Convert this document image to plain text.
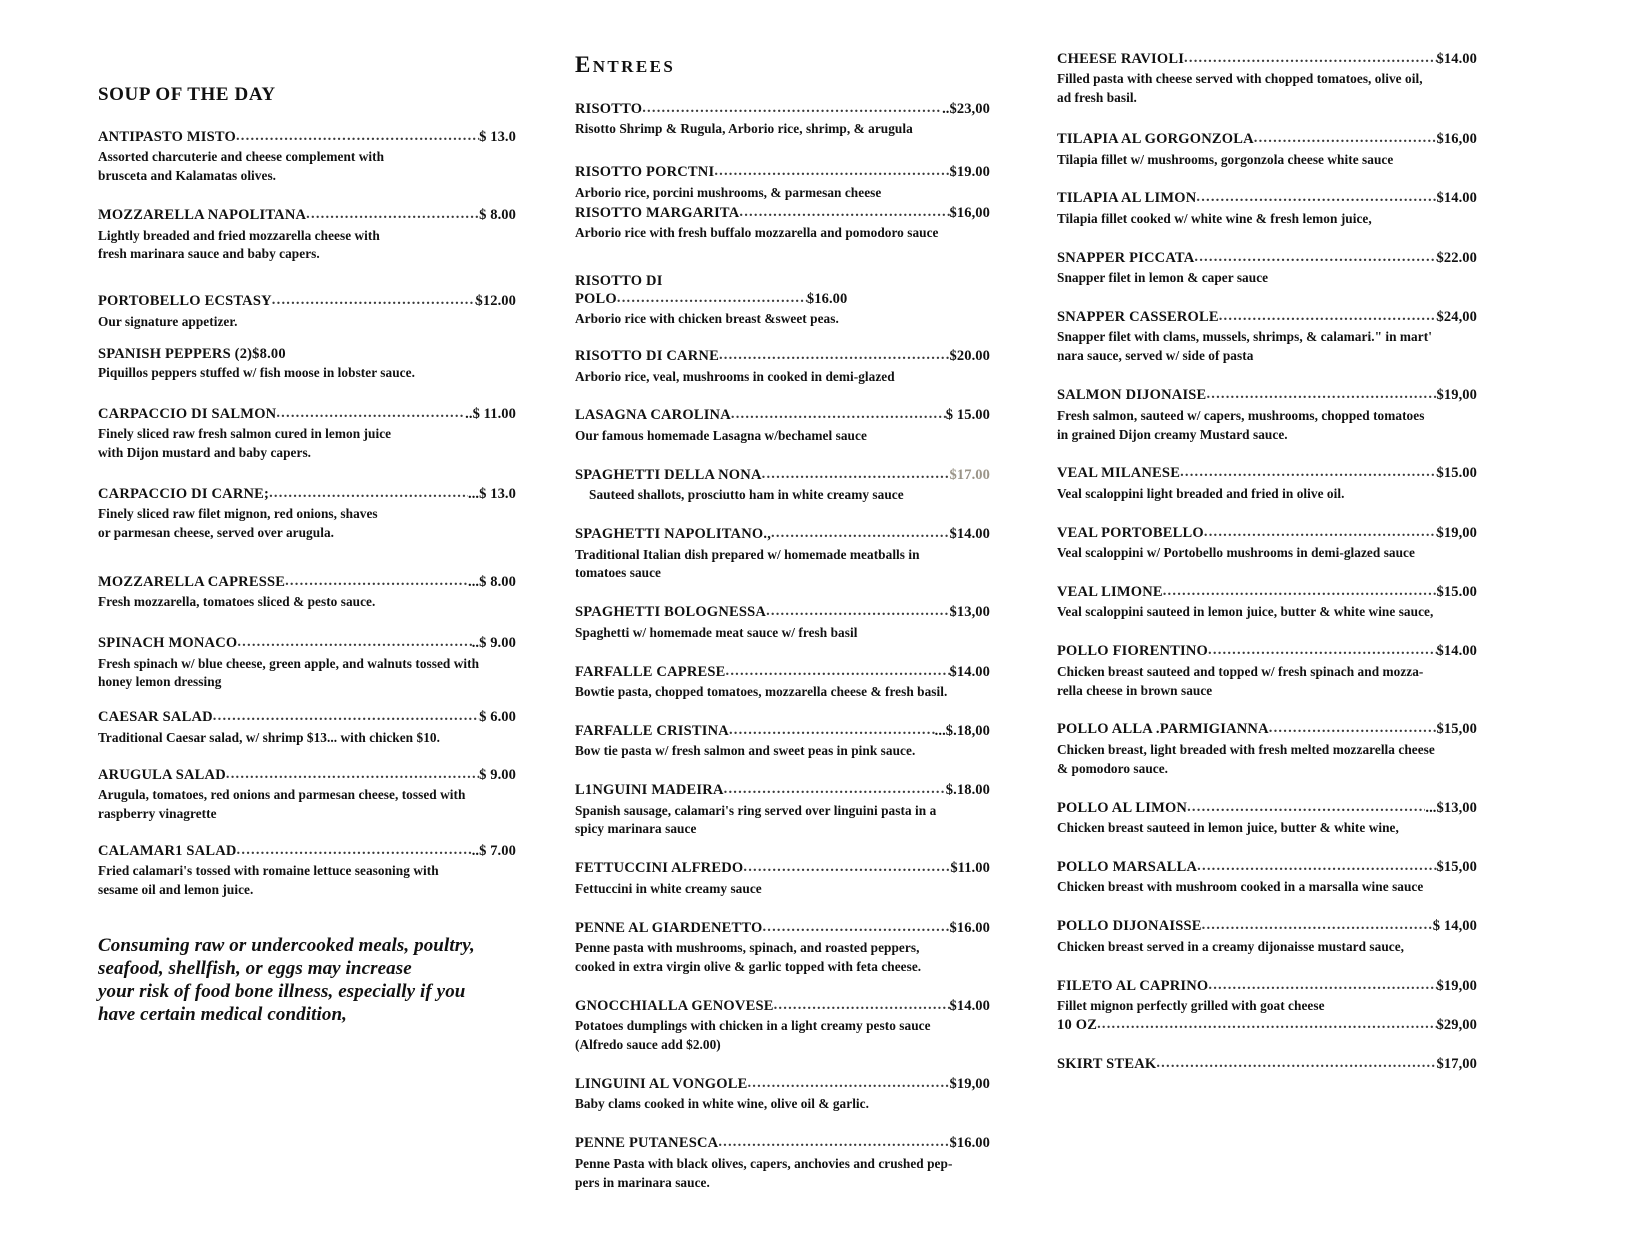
SOUP OF THE DAY
ANTIPASTO MISTO .....	$ 13.0
Assorted charcuterie and cheese complement with
brusceta and Kalamatas olives.
MOZZARELLA NAPOLITANA .....	$ 8.00
Lightly breaded and fried mozzarella cheese with
fresh marinara sauce and baby capers.
PORTOBELLO ECSTASY .....	$12.00
Our signature appetizer.
SPANISH PEPPERS (2)$8.00
Piquillos peppers stuffed w/ fish moose in lobster sauce.
CARPACCIO DI SALMON .....	..$ 11.00
Finely sliced raw fresh salmon cured in lemon juice
with Dijon mustard and baby capers.
CARPACCIO DI CARNE; .....	...$ 13.0
Finely sliced raw filet mignon, red onions, shaves
or parmesan cheese, served over arugula.
MOZZARELLA CAPRESSE .....	...$ 8.00
Fresh mozzarella, tomatoes sliced & pesto sauce.
SPINACH MONACO .....	..$ 9.00
Fresh spinach w/ blue cheese, green apple, and walnuts tossed with
honey lemon dressing
CAESAR SALAD .....	$ 6.00
Traditional Caesar salad, w/ shrimp $13... with chicken $10.
ARUGULA SALAD .....	$ 9.00
Arugula, tomatoes, red onions and parmesan cheese, tossed with
raspberry vinagrette
CALAMAR1 SALAD .....	..$ 7.00
Fried calamari's tossed with romaine lettuce seasoning with
sesame oil and lemon juice.
Consuming raw or undercooked meals, poultry,
seafood, shellfish, or eggs may increase
your risk of food bone illness, especially if you
have certain medical condition,
ENTREES
RISOTTO .....	..$23,00
Risotto Shrimp & Rugula, Arborio rice, shrimp, & arugula
RISOTTO PORCTNI .....	$19.00
Arborio rice, porcini mushrooms, & parmesan cheese
RISOTTO MARGARITA .....	$16,00
Arborio rice with fresh buffalo mozzarella and pomodoro sauce
RISOTTO DI
POLO .....	$16.00
Arborio rice with chicken breast &sweet peas.
RISOTTO DI CARNE .....	$20.00
Arborio rice, veal, mushrooms in cooked in demi-glazed
LASAGNA CAROLINA .....	$ 15.00
Our famous homemade Lasagna w/bechamel sauce
SPAGHETTI DELLA NONA .....	$17.00
Sauteed shallots, prosciutto ham in white creamy sauce
SPAGHETTI NAPOLITANO., .....	$14.00
Traditional Italian dish prepared w/ homemade meatballs in
tomatoes sauce
SPAGHETTI BOLOGNESSA .....	$13,00
Spaghetti w/ homemade meat sauce w/ fresh basil
FARFALLE CAPRESE .....	$14.00
Bowtie pasta, chopped tomatoes, mozzarella cheese & fresh basil.
FARFALLE CRISTINA .....	...$.18,00
Bow tie pasta w/ fresh salmon and sweet peas in pink sauce.
L1NGUINI MADEIRA .....	$.18.00
Spanish sausage, calamari's ring served over linguini pasta in a
spicy marinara sauce
FETTUCCINI ALFREDO .....	$11.00
Fettuccini in white creamy sauce
PENNE AL GIARDENETTO .....	$16.00
Penne pasta with mushrooms, spinach, and roasted peppers,
cooked in extra virgin olive & garlic topped with feta cheese.
GNOCCHIALLA GENOVESE .....	$14.00
Potatoes dumplings with chicken in a light creamy pesto sauce
(Alfredo sauce add $2.00)
LINGUINI AL VONGOLE .....	$19,00
Baby clams cooked in white wine, olive oil & garlic.
PENNE PUTANESCA .....	$16.00
Penne Pasta with black olives, capers, anchovies and crushed pep-
pers in marinara sauce.
CHEESE RAVIOLI .....	$14.00
Filled pasta with cheese served with chopped tomatoes, olive oil,
ad fresh basil.
TILAPIA AL GORGONZOLA .....	$16,00
Tilapia fillet w/ mushrooms, gorgonzola cheese white sauce
TILAPIA AL LIMON .....	$14.00
Tilapia fillet cooked w/ white wine & fresh lemon juice,
SNAPPER PICCATA .....	$22.00
Snapper filet in lemon & caper sauce
SNAPPER CASSEROLE .....	$24,00
Snapper filet with clams, mussels, shrimps, & calamari." in mart'
nara sauce, served w/ side of pasta
SALMON DIJONAISE .....	$19,00
Fresh salmon, sauteed w/ capers, mushrooms, chopped tomatoes
in grained Dijon creamy Mustard sauce.
VEAL MILANESE .....	$15.00
Veal scaloppini light breaded and fried in olive oil.
VEAL PORTOBELLO .....	$19,00
Veal scaloppini w/ Portobello mushrooms in demi-glazed sauce
VEAL LIMONE .....	$15.00
Veal scaloppini sauteed in lemon juice, butter & white wine sauce,
POLLO FIORENTINO .....	$14.00
Chicken breast sauteed and topped w/ fresh spinach and mozza-
rella cheese in brown sauce
POLLO ALLA .PARMIGIANNA .....	$15,00
Chicken breast, light breaded with fresh melted mozzarella cheese
& pomodoro sauce.
POLLO AL LIMON .....	...$13,00
Chicken breast sauteed in lemon juice, butter & white wine,
POLLO MARSALLA .....	$15,00
Chicken breast with mushroom cooked in a marsalla wine sauce
POLLO DIJONAISSE .....	$ 14,00
Chicken breast served in a creamy dijonaisse mustard sauce,
FILETO AL CAPRINO .....	$19,00
Fillet mignon perfectly grilled with goat cheese
10 OZ .....	$29,00
SKIRT STEAK .....	$17,00
